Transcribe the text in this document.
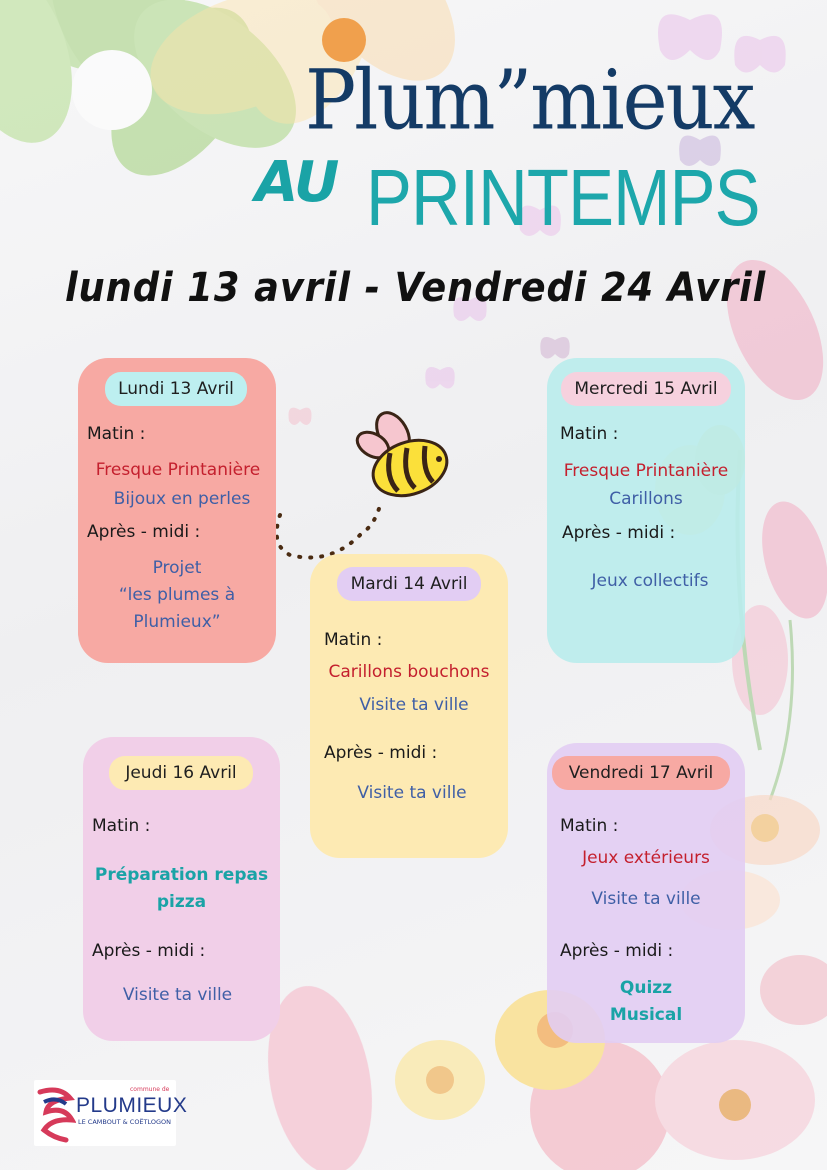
Plum”mieux
AU PRINTEMPS
lundi 13 avril - Vendredi 24 Avril
Lundi 13 Avril
Matin :
Fresque Printanière
Bijoux en perles
Après - midi :
Projet
“les plumes à
Plumieux”
Mardi 14 Avril
Matin :
Carillons bouchons
Visite ta ville
Après - midi :
Visite ta ville
Mercredi 15 Avril
Matin :
Fresque Printanière
Carillons
Après - midi :
Jeux collectifs
Jeudi 16 Avril
Matin :
Préparation repas
pizza
Après - midi :
Visite ta ville
Vendredi 17 Avril
Matin :
Jeux extérieurs
Visite ta ville
Après - midi :
Quizz
Musical
commune de
PLUMIEUX
LE CAMBOUT & COËTLOGON
